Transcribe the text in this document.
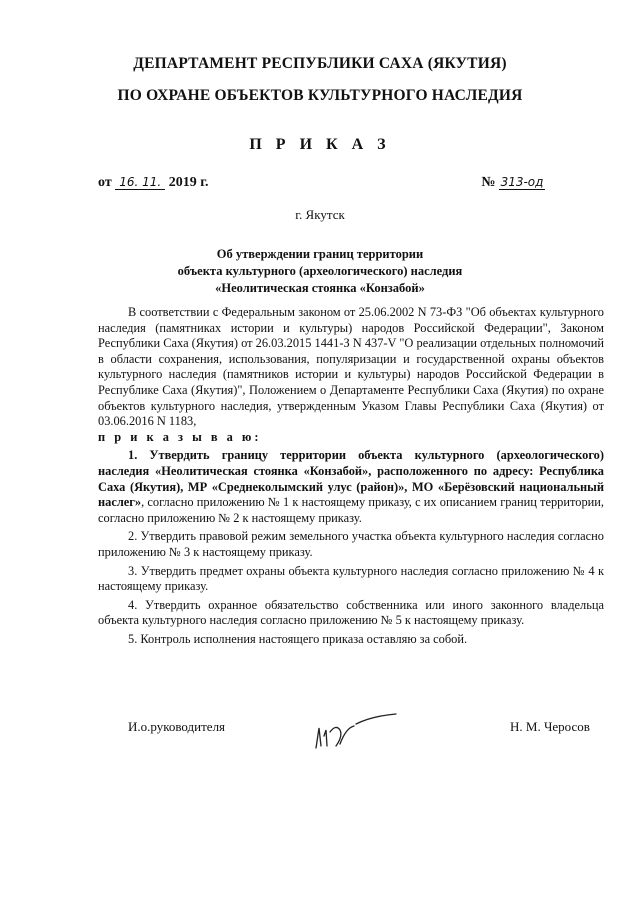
ДЕПАРТАМЕНТ РЕСПУБЛИКИ САХА (ЯКУТИЯ)
ПО ОХРАНЕ ОБЪЕКТОВ КУЛЬТУРНОГО НАСЛЕДИЯ
П Р И К А З
от 16. 11. 2019 г.	№ 313-од
г. Якутск
Об утверждении границ территории
объекта культурного (археологического) наследия
«Неолитическая стоянка «Конзабой»

В соответствии с Федеральным законом от 25.06.2002 N 73-ФЗ "Об объектах культурного наследия (памятниках истории и культуры) народов Российской Федерации", Законом Республики Саха (Якутия) от 26.03.2015 1441-З N 437-V "О реализации отдельных полномочий в области сохранения, использования, популяризации и государственной охраны объектов культурного наследия (памятников истории и культуры) народов Российской Федерации в Республике Саха (Якутия)", Положением о Департаменте Республики Саха (Якутия) по охране объектов культурного наследия, утвержденным Указом Главы Республики Саха (Якутия) от 03.06.2016 N 1183,

п р и к а з ы в а ю:

1. Утвердить границу территории объекта культурного (археологического) наследия «Неолитическая стоянка «Конзабой», расположенного по адресу: Республика Саха (Якутия), МР «Среднеколымский улус (район)», МО «Берёзовский национальный наслег», согласно приложению № 1 к настоящему приказу, с их описанием границ территории, согласно приложению № 2 к настоящему приказу.

2. Утвердить правовой режим земельного участка объекта культурного наследия согласно приложению № 3 к настоящему приказу.

3. Утвердить предмет охраны объекта культурного наследия согласно приложению № 4 к настоящему приказу.

4. Утвердить охранное обязательство собственника или иного законного владельца объекта культурного наследия согласно приложению № 5 к настоящему приказу.

5. Контроль исполнения настоящего приказа оставляю за собой.

И.о.руководителя	Н. М. Черосов
